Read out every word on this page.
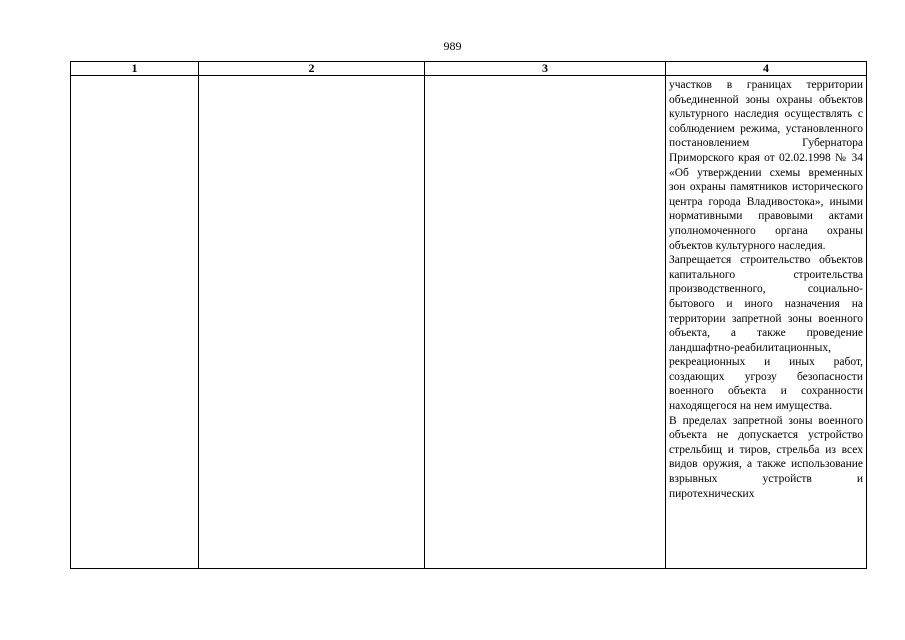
989
1	2	3	4

			участков в границах территории объединенной зоны охраны объектов культурного наследия осуществлять с соблюдением режима, установленного постановлением Губернатора Приморского края от 02.02.1998 № 34 «Об утверждении схемы временных зон охраны памятников исторического центра города Владивостока», иными нормативными правовыми актами уполномоченного органа охраны объектов культурного наследия.

Запрещается строительство объектов капитального строительства производственного, социально-бытового и иного назначения на территории запретной зоны военного объекта, а также проведение ландшафтно-реабилитационных, рекреационных и иных работ, создающих угрозу безопасности военного объекта и сохранности находящегося на нем имущества.

В пределах запретной зоны военного объекта не допускается устройство стрельбищ и тиров, стрельба из всех видов оружия, а также использование взрывных устройств и пиротехнических
